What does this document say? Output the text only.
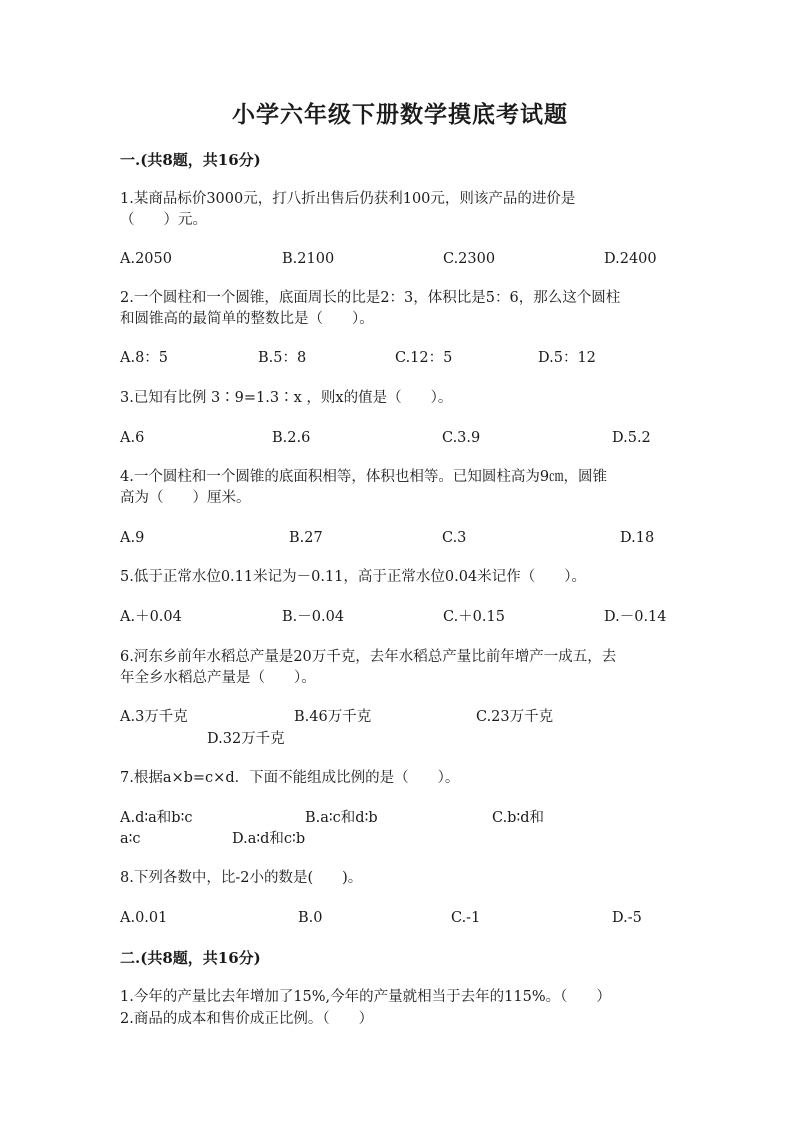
小学六年级下册数学摸底考试题
一.(共8题，共16分)
1.某商品标价3000元，打八折出售后仍获利100元，则该产品的进价是
（　　）元。
A.2050	B.2100	C.2300	D.2400
2.一个圆柱和一个圆锥，底面周长的比是2：3，体积比是5：6，那么这个圆柱
和圆锥高的最简单的整数比是（　　）。
A.8：5	B.5：8	C.12：5	D.5：12
3.已知有比例 3∶9=1.3∶x ，则x的值是（　　）。
A.6	B.2.6	C.3.9	D.5.2
4.一个圆柱和一个圆锥的底面积相等，体积也相等。已知圆柱高为9㎝，圆锥
高为（　　）厘米。
A.9	B.27	C.3	D.18
5.低于正常水位0.11米记为－0.11，高于正常水位0.04米记作（　　）。
A.＋0.04	B.－0.04	C.＋0.15	D.－0.14
6.河东乡前年水稻总产量是20万千克，去年水稻总产量比前年增产一成五，去
年全乡水稻总产量是（　　）。
A.3万千克	B.46万千克	C.23万千克
D.32万千克
7.根据a×b=c×d．下面不能组成比例的是（　　）。
A.d∶a和b∶c	B.a∶c和d∶b	C.b∶d和
a∶c	D.a∶d和c∶b
8.下列各数中，比-2小的数是(　　)。
A.0.01	B.0	C.-1	D.-5
二.(共8题，共16分)
1.今年的产量比去年增加了15%,今年的产量就相当于去年的115%。（　　）
2.商品的成本和售价成正比例。（　　）
